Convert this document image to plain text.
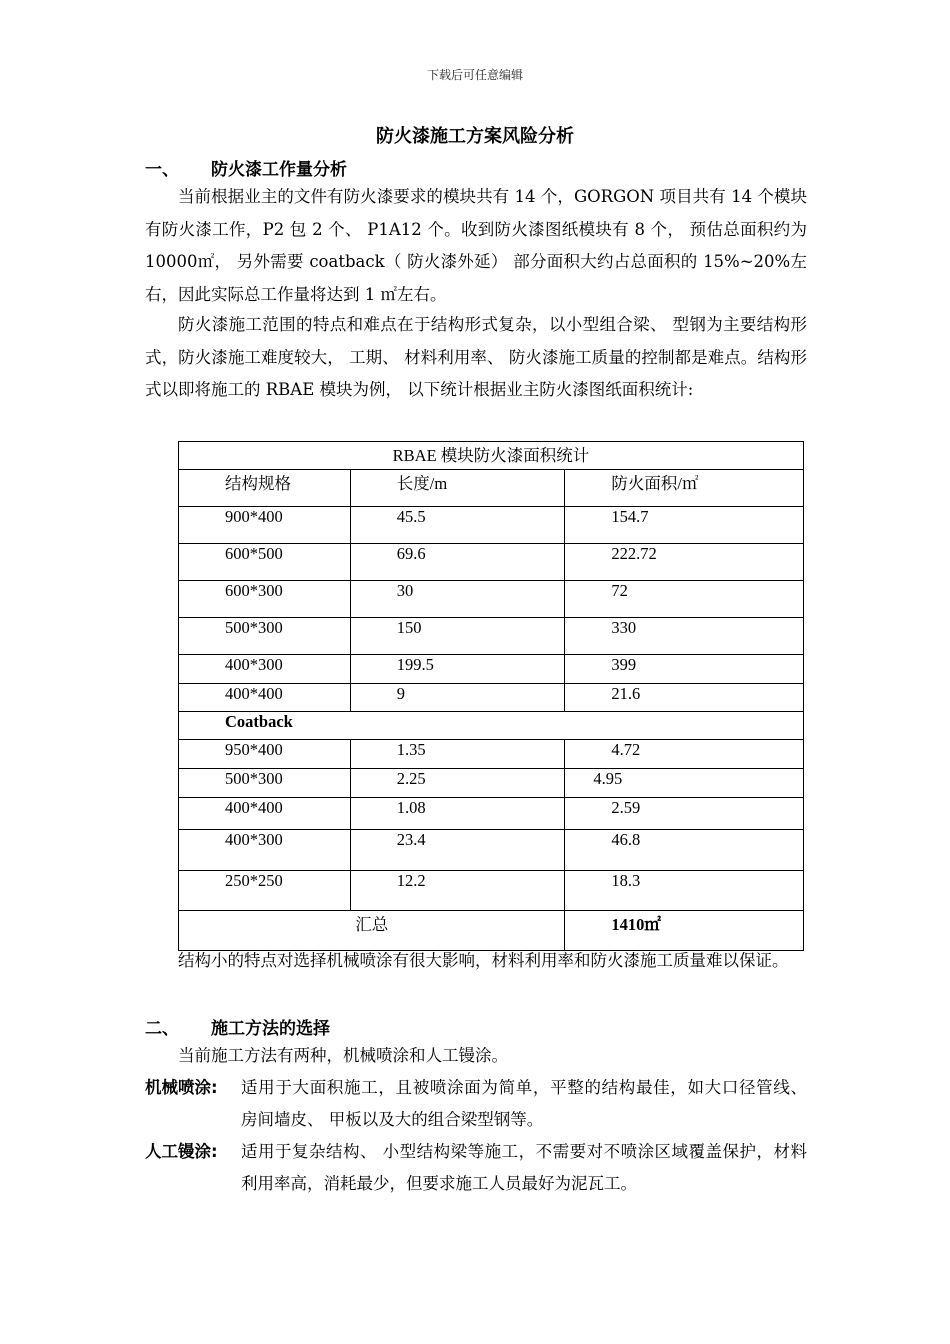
下载后可任意编辑
防火漆施工方案风险分析
一、 防火漆工作量分析

当前根据业主的文件有防火漆要求的模块共有 14 个，GORGON 项目共有 14 个模块有防火漆工作，P2 包 2 个、 P1A12 个。收到防火漆图纸模块有 8 个， 预估总面积约为 10000㎡， 另外需要 coatback（ 防火漆外延） 部分面积大约占总面积的 15%~20%左右，因此实际总工作量将达到 1 ㎡左右。

防火漆施工范围的特点和难点在于结构形式复杂，以小型组合梁、 型钢为主要结构形式，防火漆施工难度较大， 工期、 材料利用率、 防火漆施工质量的控制都是难点。结构形式以即将施工的 RBAE 模块为例， 以下统计根据业主防火漆图纸面积统计:

RBAE 模块防火漆面积统计		
结构规格	长度/m	防火面积/㎡
900*400	45.5	154.7
600*500	69.6	222.72
600*300	30	72
500*300	150	330
400*300	199.5	399
400*400	9	21.6
Coatback		
950*400	1.35	4.72
500*300	2.25	4.95
400*400	1.08	2.59
400*300	23.4	46.8
250*250	12.2	18.3
汇总		1410㎡

结构小的特点对选择机械喷涂有很大影响，材料利用率和防火漆施工质量难以保证。

二、 施工方法的选择

当前施工方法有两种，机械喷涂和人工镘涂。

机械喷涂:	适用于大面积施工，且被喷涂面为简单，平整的结构最佳，如大口径管线、 房间墙皮、 甲板以及大的组合梁型钢等。
人工镘涂:	适用于复杂结构、 小型结构梁等施工，不需要对不喷涂区域覆盖保护，材料利用率高，消耗最少，但要求施工人员最好为泥瓦工。
